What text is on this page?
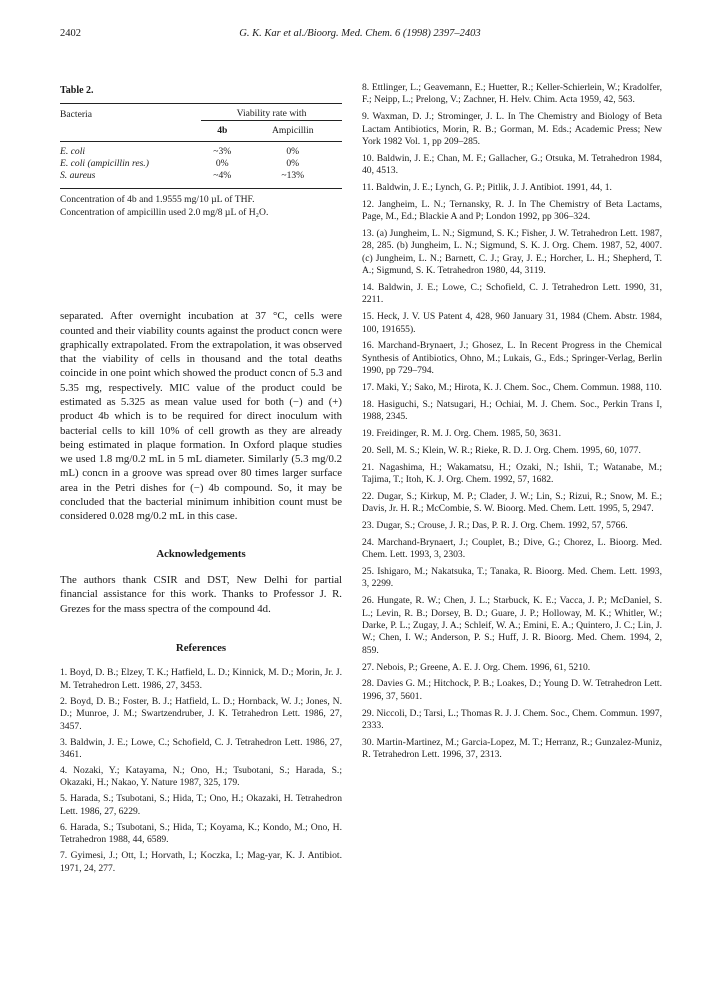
2402	G. K. Kar et al./Bioorg. Med. Chem. 6 (1998) 2397–2403
Table 2.
Bacteria	Viability rate with	
	4b	Ampicillin
E. coli	~3%	0%
E. coli (ampicillin res.)	0%	0%
S. aureus	~4%	~13%
Concentration of 4b and 1.9555 mg/10 µL of THF.
Concentration of ampicillin used 2.0 mg/8 µL of H₂O.

separated. After overnight incubation at 37 °C, cells were counted and their viability counts against the product concn were graphically extrapolated. From the extrapolation, it was observed that the viability of cells in thousand and the total deaths coincide in one point which showed the product concn of 5.3 and 5.35 mg, respectively. MIC value of the product could be estimated as 5.325 as mean value used for both (−) and (+) product 4b which is to be required for direct inoculum with bacterial cells to kill 10% of cell growth as they are already being estimated in plaque formation. In Oxford plaque studies we used 1.8 mg/0.2 mL in 5 mL diameter. Similarly (5.3 mg/0.2 mL) concn in a groove was spread over 80 times larger surface area in the Petri dishes for (−) 4b compound. So, it may be concluded that the bacterial minimum inhibition count must be considered 0.028 mg/0.2 mL in this case.

Acknowledgements

The authors thank CSIR and DST, New Delhi for partial financial assistance for this work. Thanks to Professor J. R. Grezes for the mass spectra of the compound 4d.

References
1. Boyd, D. B.; Elzey, T. K.; Hatfield, L. D.; Kinnick, M. D.; Morin, Jr. J. M. Tetrahedron Lett. 1986, 27, 3453.
2. Boyd, D. B.; Foster, B. J.; Hatfield, L. D.; Hornback, W. J.; Jones, N. D.; Munroe, J. M.; Swartzendruber, J. K. Tetrahedron Lett. 1986, 27, 3457.
3. Baldwin, J. E.; Lowe, C.; Schofield, C. J. Tetrahedron Lett. 1986, 27, 3461.
4. Nozaki, Y.; Katayama, N.; Ono, H.; Tsubotani, S.; Harada, S.; Okazaki, H.; Nakao, Y. Nature 1987, 325, 179.
5. Harada, S.; Tsubotani, S.; Hida, T.; Ono, H.; Okazaki, H. Tetrahedron Lett. 1986, 27, 6229.
6. Harada, S.; Tsubotani, S.; Hida, T.; Koyama, K.; Kondo, M.; Ono, H. Tetrahedron 1988, 44, 6589.
7. Gyimesi, J.; Ott, I.; Horvath, I.; Koczka, I.; Mag-yar, K. J. Antibiot. 1971, 24, 277.
8. Ettlinger, L.; Geavemann, E.; Huetter, R.; Keller-Schierlein, W.; Kradolfer, F.; Neipp, L.; Prelong, V.; Zachner, H. Helv. Chim. Acta 1959, 42, 563.
9. Waxman, D. J.; Strominger, J. L. In The Chemistry and Biology of Beta Lactam Antibiotics, Morin, R. B.; Gorman, M. Eds.; Academic Press; New York 1982 Vol. 1, pp 209–285.
10. Baldwin, J. E.; Chan, M. F.; Gallacher, G.; Otsuka, M. Tetrahedron 1984, 40, 4513.
11. Baldwin, J. E.; Lynch, G. P.; Pitlik, J. J. Antibiot. 1991, 44, 1.
12. Jangheim, L. N.; Ternansky, R. J. In The Chemistry of Beta Lactams, Page, M., Ed.; Blackie A and P; London 1992, pp 306–324.
13. (a) Jungheim, L. N.; Sigmund, S. K.; Fisher, J. W. Tetrahedron Lett. 1987, 28, 285. (b) Jungheim, L. N.; Sigmund, S. K. J. Org. Chem. 1987, 52, 4007. (c) Jungheim, L. N.; Barnett, C. J.; Gray, J. E.; Horcher, L. H.; Shepherd, T. A.; Sigmund, S. K. Tetrahedron 1980, 44, 3119.
14. Baldwin, J. E.; Lowe, C.; Schofield, C. J. Tetrahedron Lett. 1990, 31, 2211.
15. Heck, J. V. US Patent 4, 428, 960 January 31, 1984 (Chem. Abstr. 1984, 100, 191655).
16. Marchand-Brynaert, J.; Ghosez, L. In Recent Progress in the Chemical Synthesis of Antibiotics, Ohno, M.; Lukais, G., Eds.; Springer-Verlag, Berlin 1990, pp 729–794.
17. Maki, Y.; Sako, M.; Hirota, K. J. Chem. Soc., Chem. Commun. 1988, 110.
18. Hasiguchi, S.; Natsugari, H.; Ochiai, M. J. Chem. Soc., Perkin Trans I, 1988, 2345.
19. Freidinger, R. M. J. Org. Chem. 1985, 50, 3631.
20. Sell, M. S.; Klein, W. R.; Rieke, R. D. J. Org. Chem. 1995, 60, 1077.
21. Nagashima, H.; Wakamatsu, H.; Ozaki, N.; Ishii, T.; Watanabe, M.; Tajima, T.; Itoh, K. J. Org. Chem. 1992, 57, 1682.
22. Dugar, S.; Kirkup, M. P.; Clader, J. W.; Lin, S.; Rizui, R.; Snow, M. E.; Davis, Jr. H. R.; McCombie, S. W. Bioorg. Med. Chem. Lett. 1995, 5, 2947.
23. Dugar, S.; Crouse, J. R.; Das, P. R. J. Org. Chem. 1992, 57, 5766.
24. Marchand-Brynaert, J.; Couplet, B.; Dive, G.; Chorez, L. Bioorg. Med. Chem. Lett. 1993, 3, 2303.
25. Ishigaro, M.; Nakatsuka, T.; Tanaka, R. Bioorg. Med. Chem. Lett. 1993, 3, 2299.
26. Hungate, R. W.; Chen, J. L.; Starbuck, K. E.; Vacca, J. P.; McDaniel, S. L.; Levin, R. B.; Dorsey, B. D.; Guare, J. P.; Holloway, M. K.; Whitler, W.; Darke, P. L.; Zugay, J. A.; Schleif, W. A.; Emini, E. A.; Quintero, J. C.; Lin, J. W.; Chen, I. W.; Anderson, P. S.; Huff, J. R. Bioorg. Med. Chem. 1994, 2, 859.
27. Nebois, P.; Greene, A. E. J. Org. Chem. 1996, 61, 5210.
28. Davies G. M.; Hitchock, P. B.; Loakes, D.; Young D. W. Tetrahedron Lett. 1996, 37, 5601.
29. Niccoli, D.; Tarsi, L.; Thomas R. J. J. Chem. Soc., Chem. Commun. 1997, 2333.
30. Martin-Martinez, M.; Garcia-Lopez, M. T.; Herranz, R.; Gunzalez-Muniz, R. Tetrahedron Lett. 1996, 37, 2313.
